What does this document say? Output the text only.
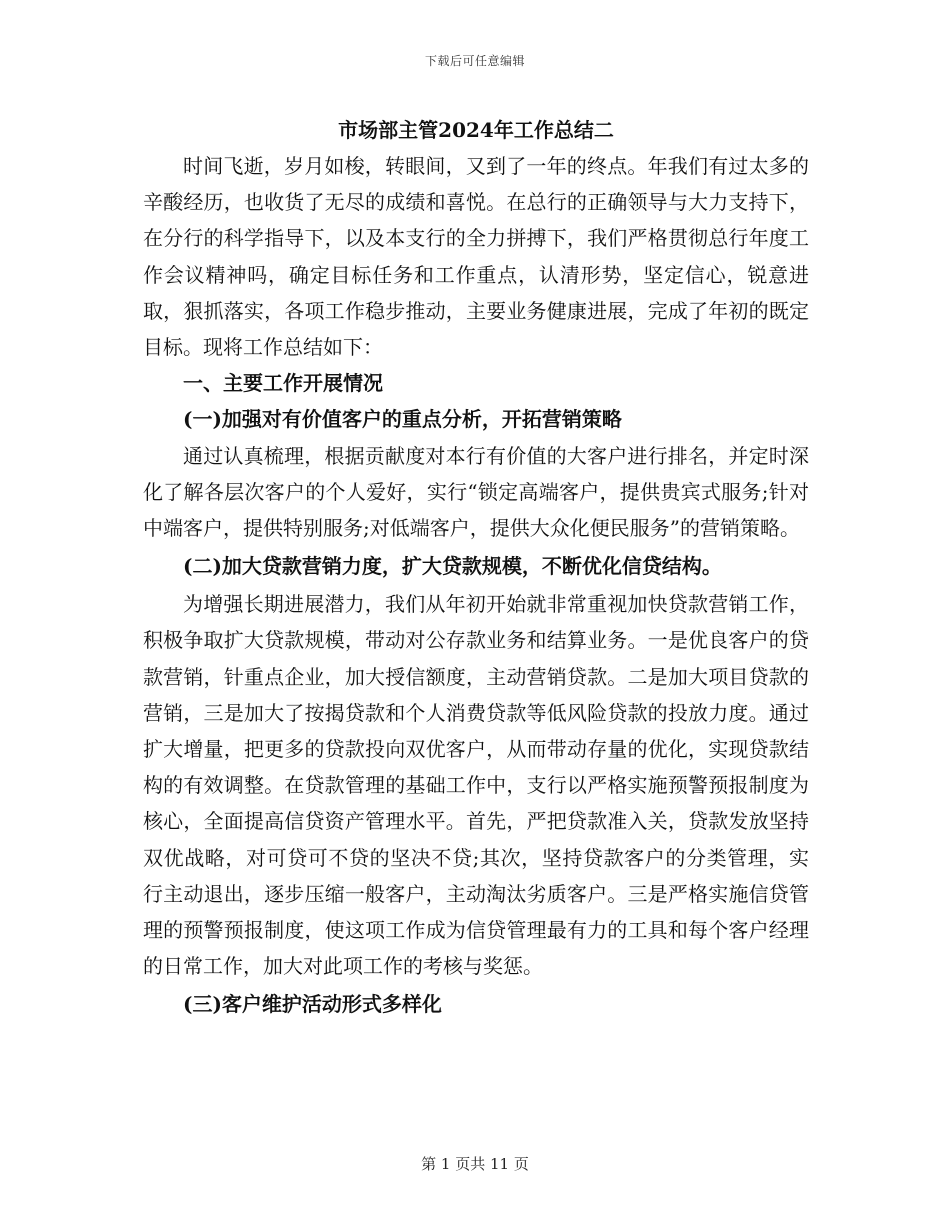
下载后可任意编辑

市场部主管2024年工作总结二

时间飞逝，岁月如梭，转眼间，又到了一年的终点。年我们有过太多的辛酸经历，也收货了无尽的成绩和喜悦。在总行的正确领导与大力支持下，在分行的科学指导下，以及本支行的全力拼搏下，我们严格贯彻总行年度工作会议精神吗，确定目标任务和工作重点，认清形势，坚定信心，锐意进取，狠抓落实，各项工作稳步推动，主要业务健康进展，完成了年初的既定目标。现将工作总结如下：

一、主要工作开展情况

(一)加强对有价值客户的重点分析，开拓营销策略

通过认真梳理，根据贡献度对本行有价值的大客户进行排名，并定时深化了解各层次客户的个人爱好，实行“锁定高端客户，提供贵宾式服务;针对中端客户，提供特别服务;对低端客户，提供大众化便民服务”的营销策略。

(二)加大贷款营销力度，扩大贷款规模，不断优化信贷结构。

为增强长期进展潜力，我们从年初开始就非常重视加快贷款营销工作，积极争取扩大贷款规模，带动对公存款业务和结算业务。一是优良客户的贷款营销，针重点企业，加大授信额度，主动营销贷款。二是加大项目贷款的营销，三是加大了按揭贷款和个人消费贷款等低风险贷款的投放力度。通过扩大增量，把更多的贷款投向双优客户，从而带动存量的优化，实现贷款结构的有效调整。在贷款管理的基础工作中，支行以严格实施预警预报制度为核心，全面提高信贷资产管理水平。首先，严把贷款准入关，贷款发放坚持双优战略，对可贷可不贷的坚决不贷;其次，坚持贷款客户的分类管理，实行主动退出，逐步压缩一般客户，主动淘汰劣质客户。三是严格实施信贷管理的预警预报制度，使这项工作成为信贷管理最有力的工具和每个客户经理的日常工作，加大对此项工作的考核与奖惩。

(三)客户维护活动形式多样化

第 1 页共 11 页
